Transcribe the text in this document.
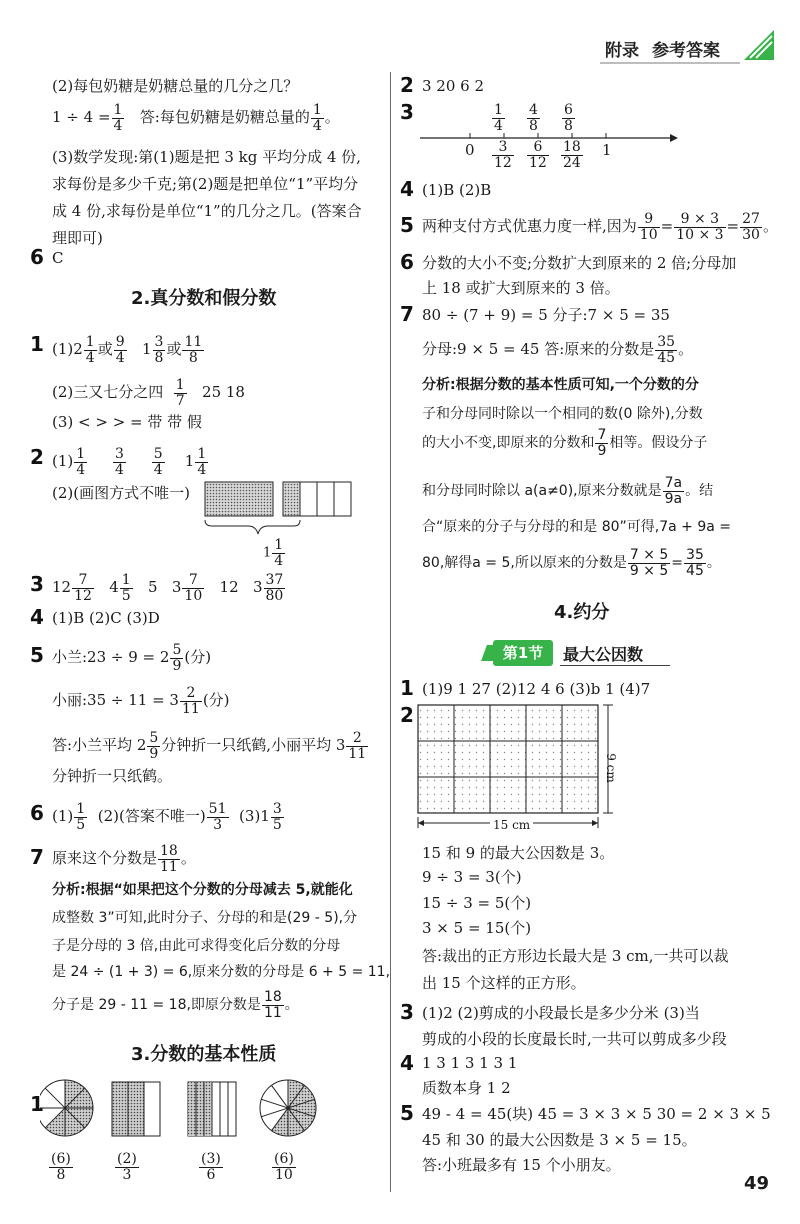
附录 参考答案
(2)每包奶糖是奶糖总量的几分之几？
$1 \div 4 = \frac{1}{4}$ 答:每包奶糖是奶糖总量的 $\frac{1}{4}$ 。
(3)数学发现:第(1)题是把 3 kg 平均分成 4 份,
求每份是多少千克;第(2)题是把单位“1”平均分
成 4 份,求每份是单位“1”的几分之几。(答案合
理即可)
6 C
2.真分数和假分数
1 $(1)2 \frac{1}{4}$ 或 $\frac{9}{4} 1 \frac{3}{8}$ 或 $\frac{11}{8}$
(2)三又七分之四 $\frac{1}{7} 25$ 18
(3) < > > = 带 带 假
2 $(1) \frac{1}{4}$
$\frac{3}{4}$
$\frac{5}{4} 1 \frac{1}{4}$
(2)(画图方式不唯一)
$1 \frac{1}{4}$
3 $12 \frac{7}{12} 4 \frac{1}{5} 5$   $3 \frac{7}{10} 12$ $3 \frac{37}{80}$
4 (1)B (2)C (3)D
5 小兰:23 ÷ $9 = 2 \frac{5}{9}$ (分)
小丽:35 ÷ $11 = 3 \frac{2}{11}$ (分)
答:小兰平均 $2 \frac{5}{9}$ 分钟折一只纸鹤,小丽平均 $3 \frac{2}{11}$
分钟折一只纸鹤。
6 $(1) \frac{1}{5} (2)$(答案不唯一) $\frac{51}{3} (3)1 \frac{3}{5}$
7 原来这个分数是 $\frac{18}{11}$ 。
分析:根据“如果把这个分数的分母减去 5,就能化
成整数 3”可知,此时分子、分母的和是(29 - 5),分
子是分母的 3 倍,由此可求得变化后分数的分母
是 24 ÷ (1 + 3) = 6,原来分数的分母是 6 + 5 = 11,
分子是 29 - 11 = 18,即原分数是 $\frac{18}{11}$ 。
3.分数的基本性质
1
$\frac{(6)}{8}$	$\frac{(2)}{3}$	$\frac{(3)}{6}$	$\frac{(6)}{10}$
2 3 20 6 2
3	$\frac{1}{4} \frac{4}{8} \frac{6}{8}$
0	1
$\frac{3}{12} \frac{6}{12} \frac{18}{24}$
4 (1)B (2)B
5 两种支付方式优惠力度一样,因为 $\frac{9}{10} = \frac{9 \times 3}{10 \times 3} = \frac{27}{30}$ 。
6 分数的大小不变;分数扩大到原来的 2 倍;分母加
上 18 或扩大到原来的 3 倍。
7 80 ÷ (7 + 9) = 5 分子:7 × 5 = 35
分母:9 × 5 = 45 答:原来的分数是 $\frac{35}{45}$ 。
分析:根据分数的基本性质可知,一个分数的分
子和分母同时除以一个相同的数(0 除外),分数
的大小不变,即原来的分数和 $\frac{7}{9}$ 相等。假设分子
和分母同时除以 a(a≠0),原来分数就是 $\frac{7a}{9a}$ 。结
合“原来的分子与分母的和是 80”可得,7a + 9a =
80,解得a = 5,所以原来的分数是 $\frac{7 \times 5}{9 \times 5} = \frac{35}{45}$ 。
4.约分
第1节	最大公因数
1 (1)9 1 27 (2)12 4 6 (3)b 1 (4)7
2
9 cm
15 cm
15 和 9 的最大公因数是 3。
9 ÷ 3 = 3(个)
15 ÷ 3 = 5(个)
3 × 5 = 15(个)
答:裁出的正方形边长最大是 3 cm,一共可以裁
出 15 个这样的正方形。
3 (1)2 (2)剪成的小段最长是多少分米 (3)当
剪成的小段的长度最长时,一共可以剪成多少段
4 1 3 1 3 1 3 1
质数本身 1 2
5 49 - 4 = 45(块) 45 = 3 × 3 × 5 30 = 2 × 3 × 5
45 和 30 的最大公因数是 3 × 5 = 15。
答:小班最多有 15 个小朋友。
49
